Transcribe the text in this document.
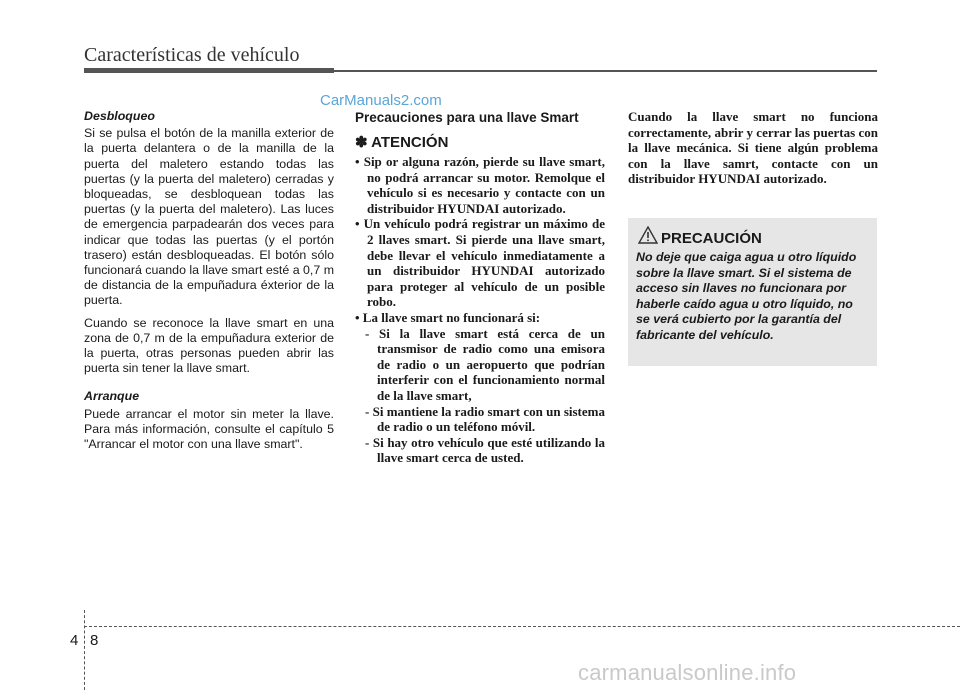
Características de vehículo
CarManuals2.com
Desbloqueo

Si se pulsa el botón de la manilla exterior de la puerta delantera o de la manilla de la puerta del maletero estando todas las puertas (y la puerta del maletero) cerradas y bloqueadas, se desbloquean todas las puertas (y la puerta del maletero). Las luces de emergencia parpadearán dos veces para indicar que todas las puertas (y el portón trasero) están desbloqueadas. El botón sólo funcionará cuando la llave smart esté a 0,7 m de distancia de la empuñadura éxterior de la puerta.

Cuando se reconoce la llave smart en una zona de 0,7 m de la empuñadura exterior de la puerta, otras personas pueden abrir las puerta sin tener la llave smart.

Arranque

Puede arrancar el motor sin meter la llave. Para más información, consulte el capítulo 5 "Arrancar el motor con una llave smart".

Precauciones para una llave Smart
✽ ATENCIÓN
• Sip or alguna razón, pierde su llave smart, no podrá arrancar su motor. Remolque el vehículo si es necesario y contacte con un distribuidor HYUNDAI autorizado.
• Un vehículo podrá registrar un máximo de 2 llaves smart. Si pierde una llave smart, debe llevar el vehículo inmediatamente a un distribuidor HYUNDAI autorizado para proteger al vehículo de un posible robo.
• La llave smart no funcionará si:
- Si la llave smart está cerca de un transmisor de radio como una emisora de radio o un aeropuerto que podrían interferir con el funcionamiento normal de la llave smart,
- Si mantiene la radio smart con un sistema de radio o un teléfono móvil.
- Si hay otro vehículo que esté utilizando la llave smart cerca de usted.
Cuando la llave smart no funciona correctamente, abrir y cerrar las puertas con la llave mecánica. Si tiene algún problema con la llave samrt, contacte con un distribuidor HYUNDAI autorizado.
PRECAUCIÓN
No deje que caiga agua u otro líquido sobre la llave smart. Si el sistema de acceso sin llaves no funcionara por haberle caído agua u otro líquido, no se verá cubierto por la garantía del fabricante del vehículo.
4 8
carmanualsonline.info
